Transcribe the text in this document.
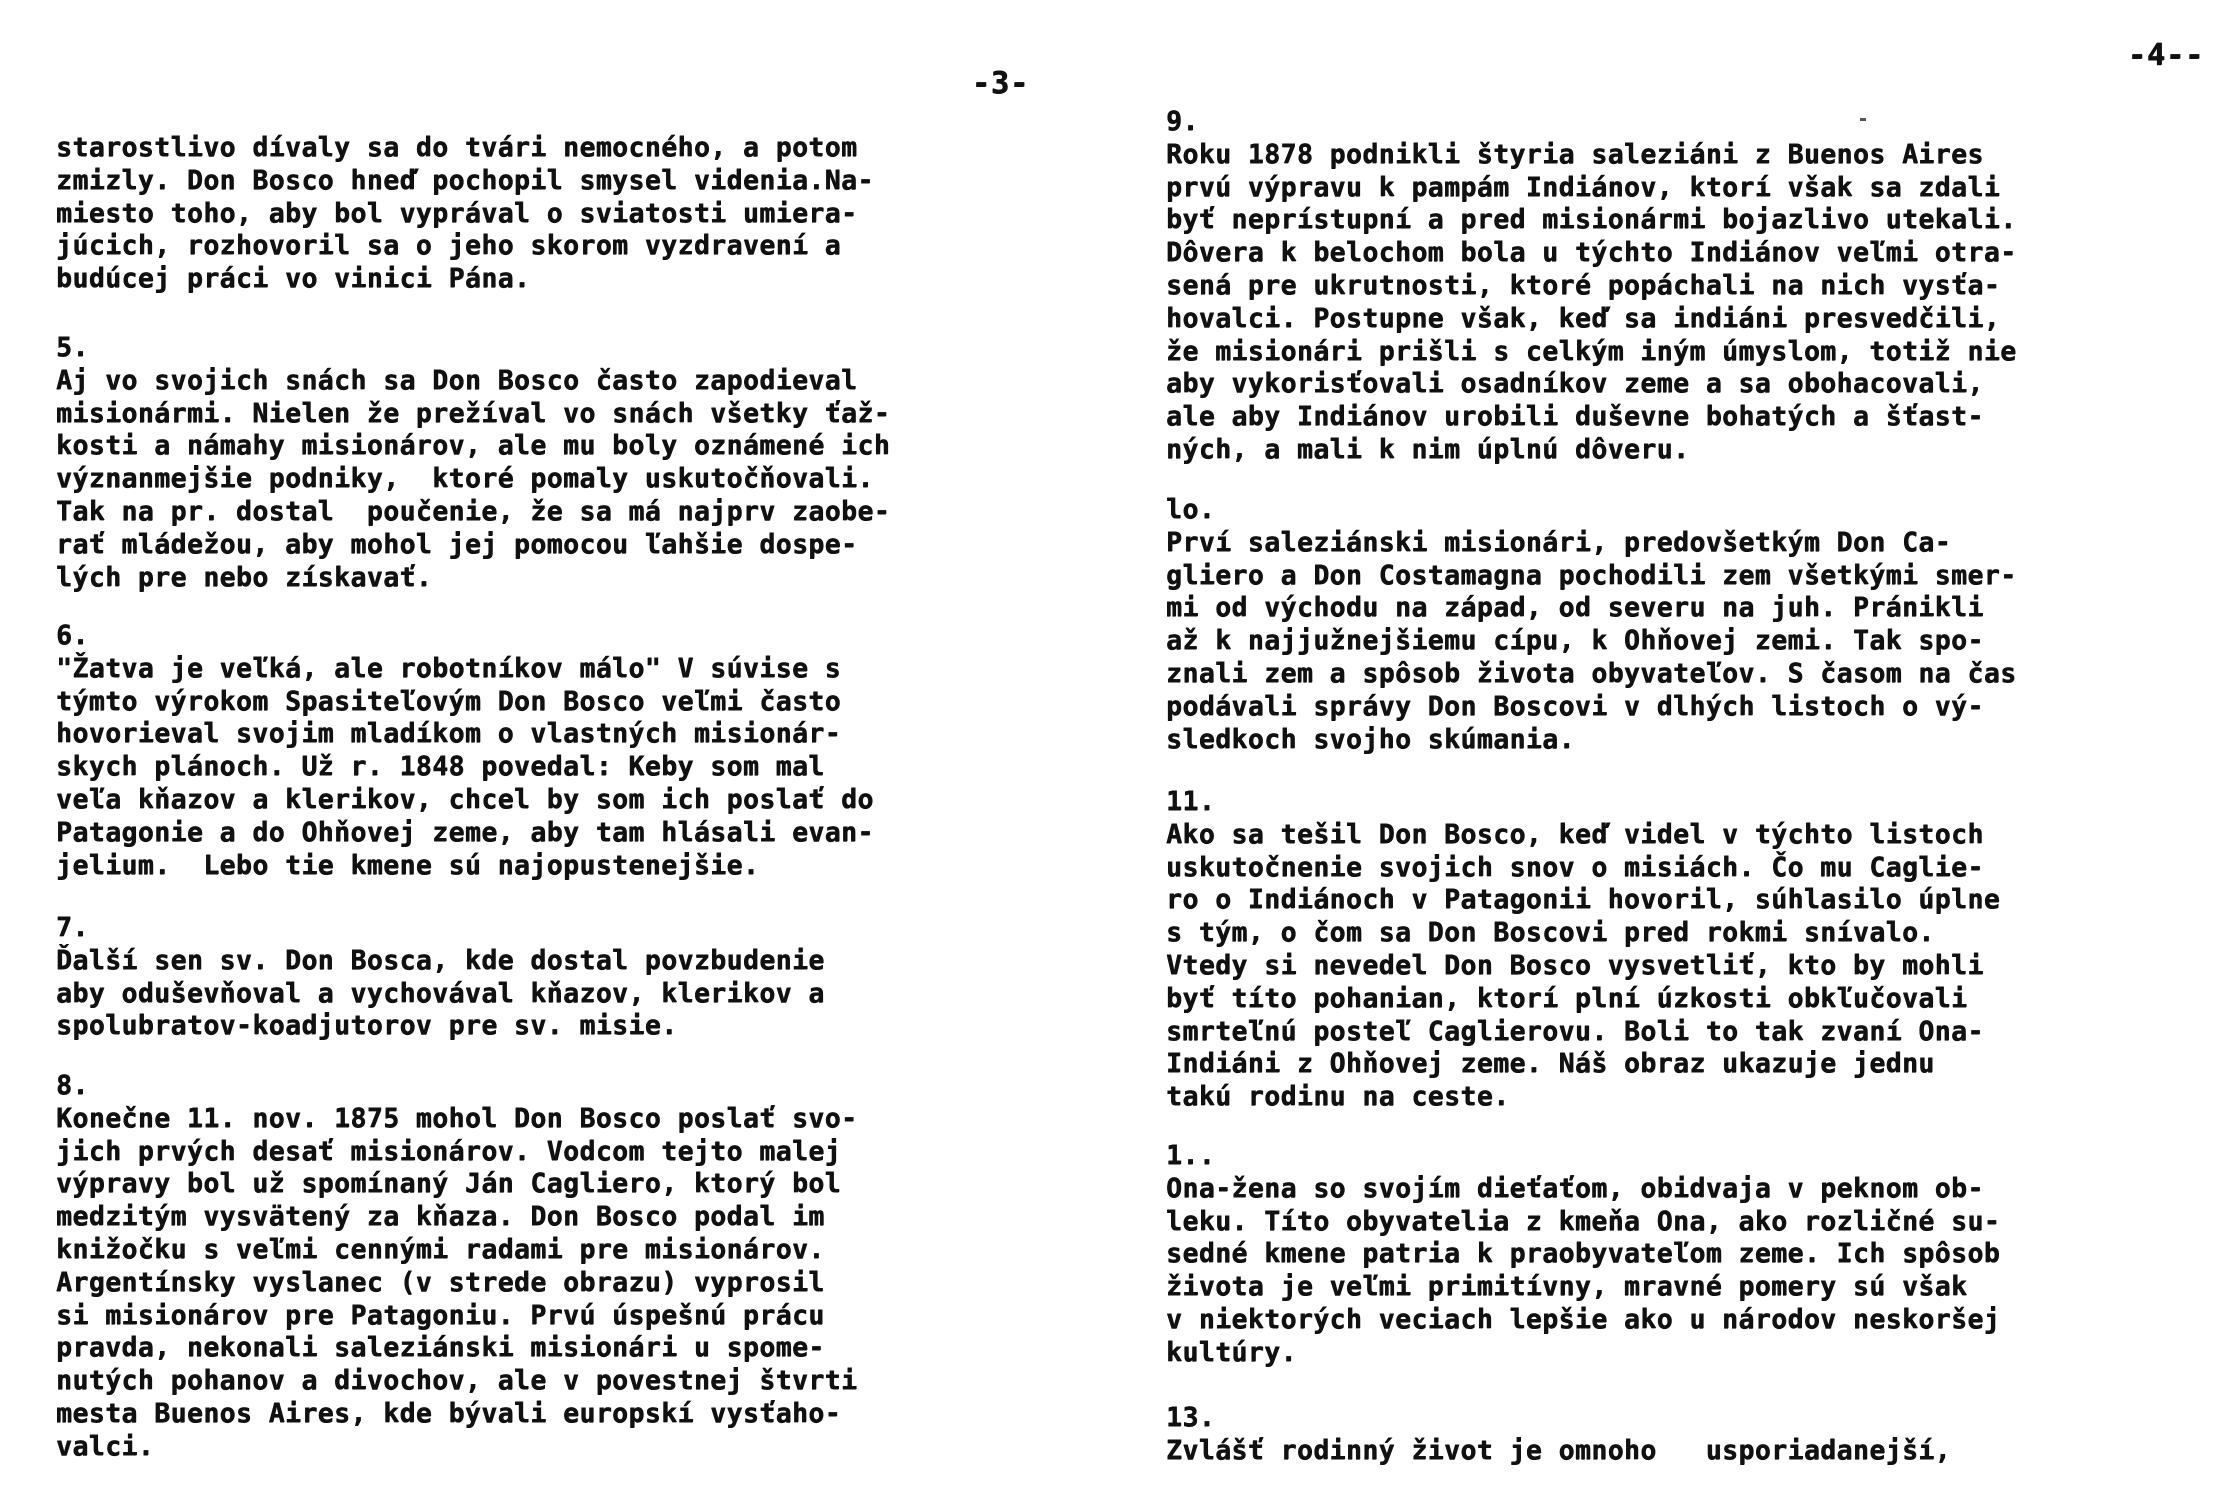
-3-
starostlivo dívaly sa do tvári nemocného, a potom
zmizly. Don Bosco hneď pochopil smysel videnia.Na-
miesto toho, aby bol vyprával o sviatosti umiera-
júcich, rozhovoril sa o jeho skorom vyzdravení a
budúcej práci vo vinici Pána.
5.
Aj vo svojich snách sa Don Bosco často zapodieval
misionármi. Nielen že prežíval vo snách všetky ťaž-
kosti a námahy misionárov, ale mu boly oznámené ich
význanmejšie podniky,  ktoré pomaly uskutočňovali.
Tak na pr. dostal  poučenie, že sa má najprv zaobe-
rať mládežou, aby mohol jej pomocou ľahšie dospe-
lých pre nebo získavať.
6.
"Žatva je veľká, ale robotníkov málo" V súvise s
týmto výrokom Spasiteľovým Don Bosco veľmi často
hovorieval svojim mladíkom o vlastných misionár-
skych plánoch. Už r. 1848 povedal: Keby som mal
veľa kňazov a klerikov, chcel by som ich poslať do
Patagonie a do Ohňovej zeme, aby tam hlásali evan-
jelium.  Lebo tie kmene sú najopustenejšie.
7.
Ďalší sen sv. Don Bosca, kde dostal povzbudenie
aby oduševňoval a vychovával kňazov, klerikov a
spolubratov-koadjutorov pre sv. misie.
8.
Konečne 11. nov. 1875 mohol Don Bosco poslať svo-
jich prvých desať misionárov. Vodcom tejto malej
výpravy bol už spomínaný Ján Cagliero, ktorý bol
medzitým vysvätený za kňaza. Don Bosco podal im
knižočku s veľmi cennými radami pre misionárov.
Argentínsky vyslanec (v strede obrazu) vyprosil
si misionárov pre Patagoniu. Prvú úspešnú prácu
pravda, nekonali saleziánski misionári u spome-
nutých pohanov a divochov, ale v povestnej štvrti
mesta Buenos Aires, kde bývali europskí vysťaho-
valci.
-4--
9.
Roku 1878 podnikli štyria saleziáni z Buenos Aires
prvú výpravu k pampám Indiánov, ktorí však sa zdali
byť neprístupní a pred misionármi bojazlivo utekali.
Dôvera k belochom bola u týchto Indiánov veľmi otra-
sená pre ukrutnosti, ktoré popáchali na nich vysťa-
hovalci. Postupne však, keď sa indiáni presvedčili,
že misionári prišli s celkým iným úmyslom, totiž nie
aby vykorisťovali osadníkov zeme a sa obohacovali,
ale aby Indiánov urobili duševne bohatých a šťast-
ných, a mali k nim úplnú dôveru.
lo.
Prví saleziánski misionári, predovšetkým Don Ca-
gliero a Don Costamagna pochodili zem všetkými smer-
mi od východu na západ, od severu na juh. Pránikli
až k najjužnejšiemu cípu, k Ohňovej zemi. Tak spo-
znali zem a spôsob života obyvateľov. S časom na čas
podávali správy Don Boscovi v dlhých listoch o vý-
sledkoch svojho skúmania.
11.
Ako sa tešil Don Bosco, keď videl v týchto listoch
uskutočnenie svojich snov o misiách. Čo mu Caglie-
ro o Indiánoch v Patagonii hovoril, súhlasilo úplne
s tým, o čom sa Don Boscovi pred rokmi snívalo.
Vtedy si nevedel Don Bosco vysvetliť, kto by mohli
byť títo pohanian, ktorí plní úzkosti obkľučovali
smrteľnú posteľ Caglierovu. Boli to tak zvaní Ona-
Indiáni z Ohňovej zeme. Náš obraz ukazuje jednu
takú rodinu na ceste.
1..
Ona-žena so svojím dieťaťom, obidvaja v peknom ob-
leku. Títo obyvatelia z kmeňa Ona, ako rozličné su-
sedné kmene patria k praobyvateľom zeme. Ich spôsob
života je veľmi primitívny, mravné pomery sú však
v niektorých veciach lepšie ako u národov neskoršej
kultúry.
13.
Zvlášť rodinný život je omnoho   usporiadanejší,
